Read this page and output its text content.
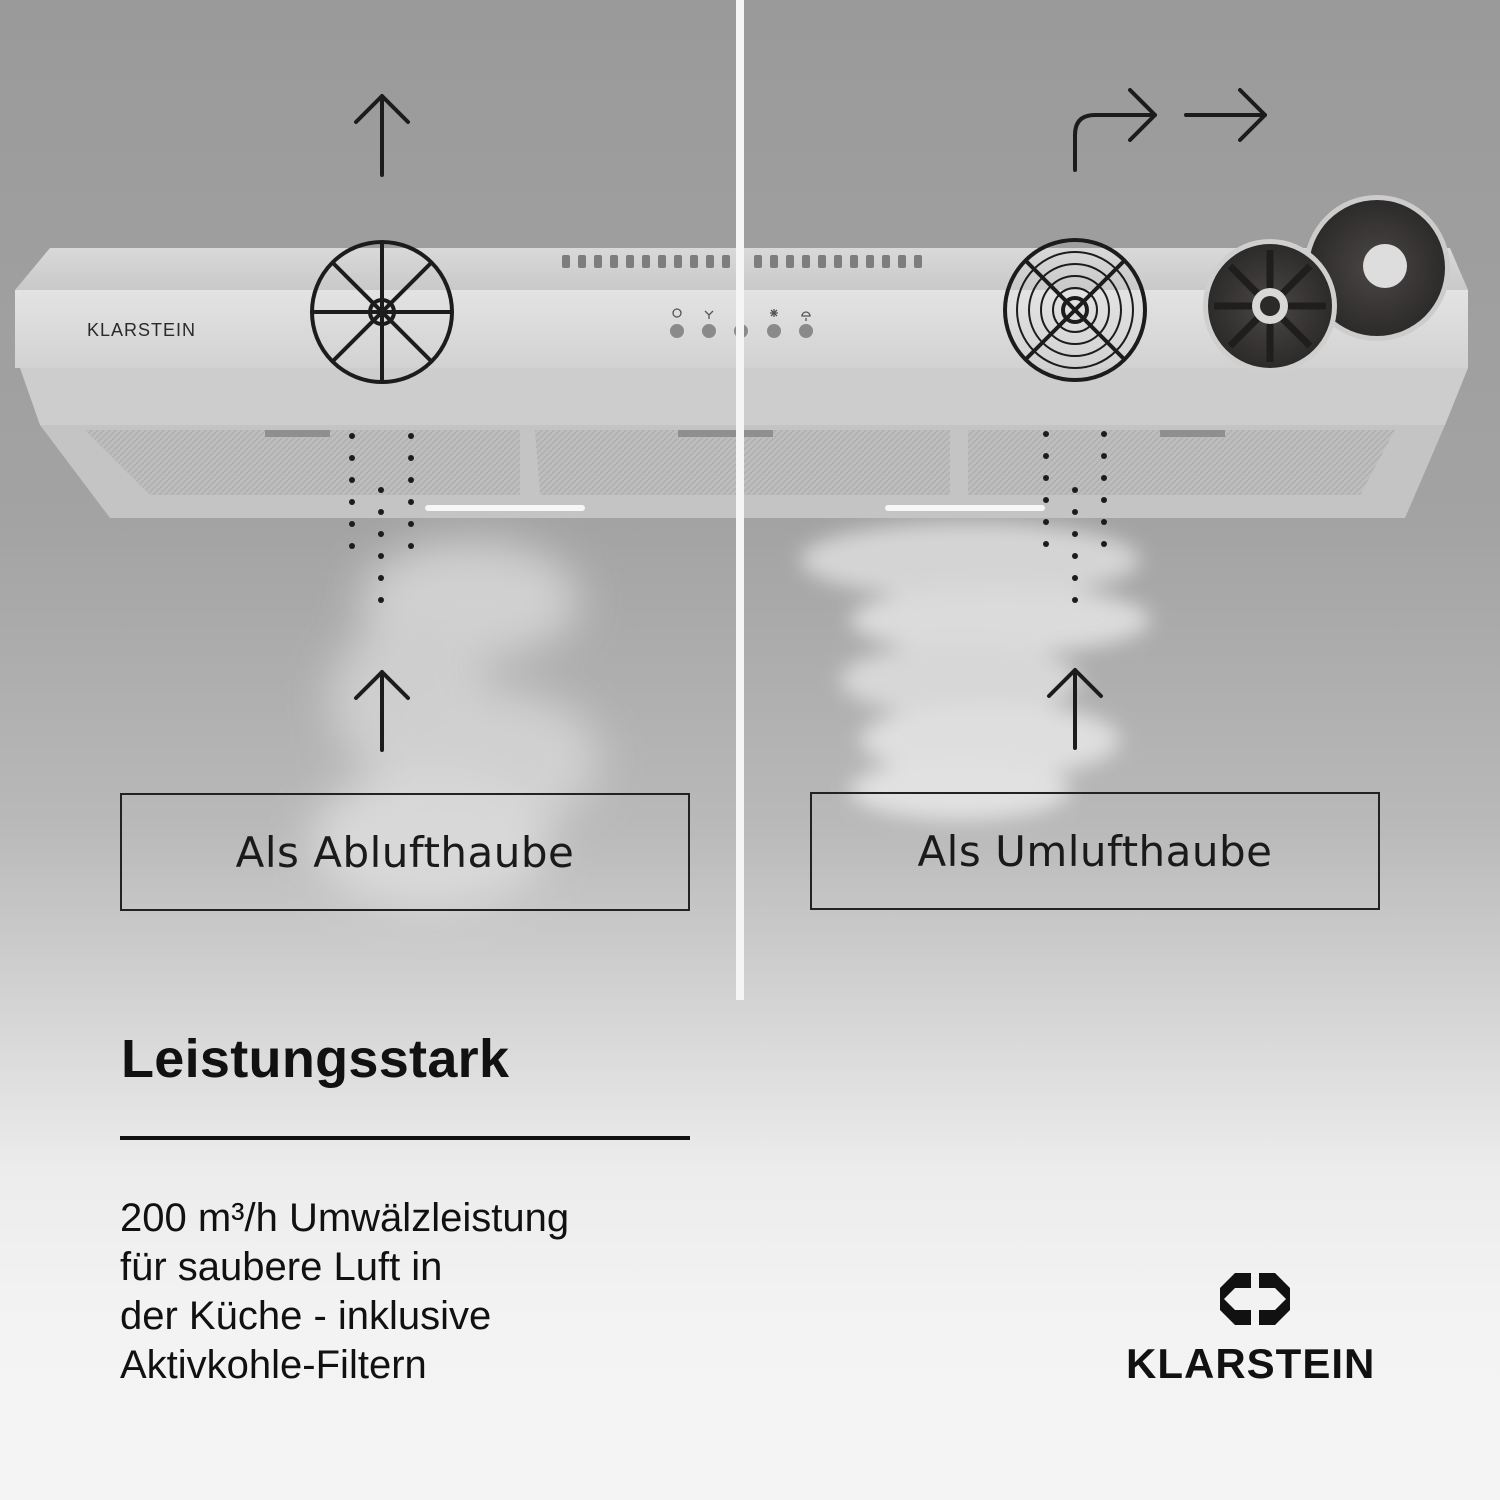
KLARSTEIN
Als Ablufthaube	Als Umlufthaube
Leistungsstark
200 m³/h Umwälzleistung
für saubere Luft in
der Küche - inklusive
Aktivkohle-Filtern	KLARSTEIN
